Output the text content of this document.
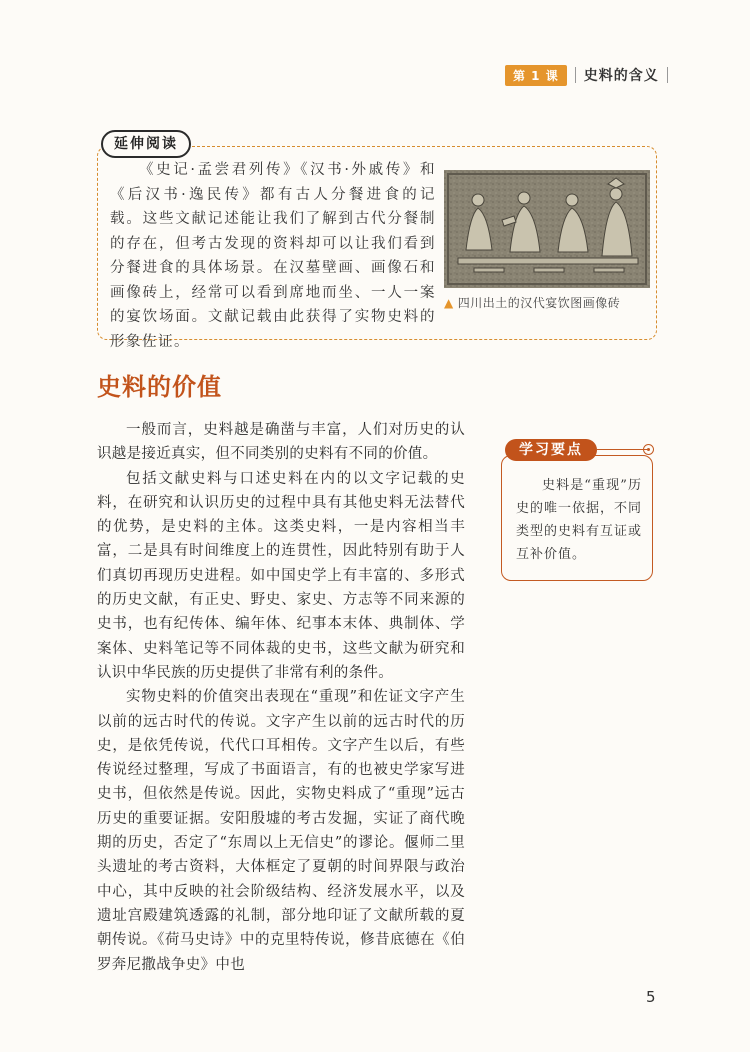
第 1 课	史料的含义
延伸阅读

《史记·孟尝君列传》《汉书·外戚传》和《后汉书·逸民传》都有古人分餐进食的记载。这些文献记述能让我们了解到古代分餐制的存在，但考古发现的资料却可以让我们看到分餐进食的具体场景。在汉墓壁画、画像石和画像砖上，经常可以看到席地而坐、一人一案的宴饮场面。文献记载由此获得了实物史料的形象佐证。

▲ 四川出土的汉代宴饮图画像砖
史料的价值

一般而言，史料越是确凿与丰富，人们对历史的认识越是接近真实，但不同类别的史料有不同的价值。

包括文献史料与口述史料在内的以文字记载的史料，在研究和认识历史的过程中具有其他史料无法替代的优势，是史料的主体。这类史料，一是内容相当丰富，二是具有时间维度上的连贯性，因此特别有助于人们真切再现历史进程。如中国史学上有丰富的、多形式的历史文献，有正史、野史、家史、方志等不同来源的史书，也有纪传体、编年体、纪事本末体、典制体、学案体、史料笔记等不同体裁的史书，这些文献为研究和认识中华民族的历史提供了非常有利的条件。

实物史料的价值突出表现在“重现”和佐证文字产生以前的远古时代的传说。文字产生以前的远古时代的历史，是依凭传说，代代口耳相传。文字产生以后，有些传说经过整理，写成了书面语言，有的也被史学家写进史书，但依然是传说。因此，实物史料成了“重现”远古历史的重要证据。安阳殷墟的考古发掘，实证了商代晚期的历史，否定了“东周以上无信史”的谬论。偃师二里头遗址的考古资料，大体框定了夏朝的时间界限与政治中心，其中反映的社会阶级结构、经济发展水平，以及遗址宫殿建筑透露的礼制，部分地印证了文献所载的夏朝传说。《荷马史诗》中的克里特传说，修昔底德在《伯罗奔尼撒战争史》中也

学习要点

史料是“重现”历史的唯一依据，不同类型的史料有互证或互补价值。

5
